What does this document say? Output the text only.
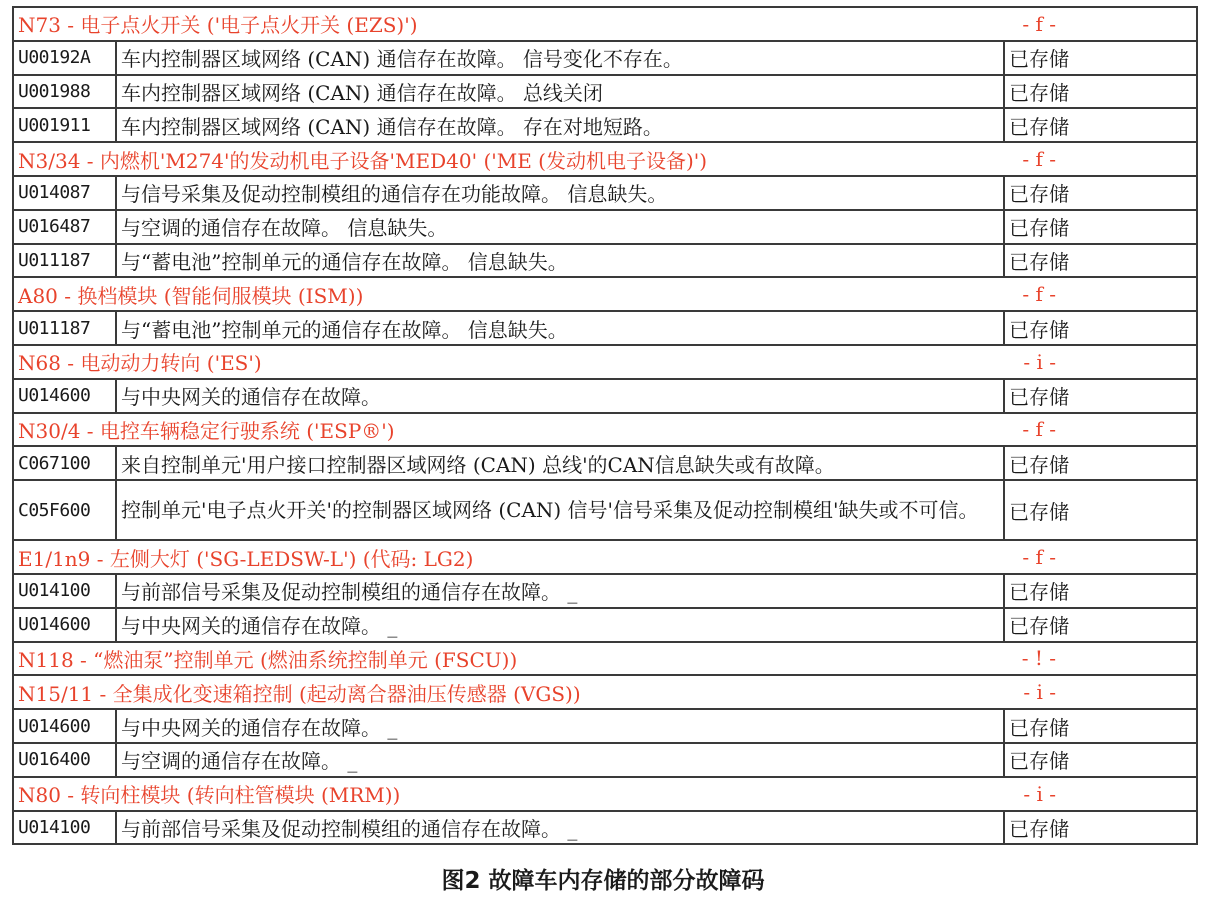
N73 - 电子点火开关 ('电子点火开关 (EZS)') - f -		

U00192A	车内控制器区域网络 (CAN) 通信存在故障。 信号变化不存在。	已存储
U001988	车内控制器区域网络 (CAN) 通信存在故障。 总线关闭	已存储
U001911	车内控制器区域网络 (CAN) 通信存在故障。 存在对地短路。	已存储

N3/34 - 内燃机'M274'的发动机电子设备'MED40' ('ME (发动机电子设备)') - f -		

U014087	与信号采集及促动控制模组的通信存在功能故障。 信息缺失。	已存储
U016487	与空调的通信存在故障。 信息缺失。	已存储
U011187	与“蓄电池”控制单元的通信存在故障。 信息缺失。	已存储

A80 - 换档模块 (智能伺服模块 (ISM)) - f -		

U011187	与“蓄电池”控制单元的通信存在故障。 信息缺失。	已存储

N68 - 电动动力转向 ('ES') - i -		

U014600	与中央网关的通信存在故障。	已存储

N30/4 - 电控车辆稳定行驶系统 ('ESP®') - f -		

C067100	来自控制单元'用户接口控制器区域网络 (CAN) 总线'的CAN信息缺失或有故障。	已存储
C05F600	控制单元'电子点火开关'的控制器区域网络 (CAN) 信号'信号采集及促动控制模组'缺失或不可信。	已存储

E1/1n9 - 左侧大灯 ('SG-LEDSW-L') (代码: LG2) - f -		

U014100	与前部信号采集及促动控制模组的通信存在故障。 _	已存储
U014600	与中央网关的通信存在故障。 _	已存储

N118 - “燃油泵”控制单元 (燃油系统控制单元 (FSCU)) - ! -		

N15/11 - 全集成化变速箱控制 (起动离合器油压传感器 (VGS)) - i -		

U014600	与中央网关的通信存在故障。 _	已存储
U016400	与空调的通信存在故障。 _	已存储

N80 - 转向柱模块 (转向柱管模块 (MRM)) - i -		

U014100	与前部信号采集及促动控制模组的通信存在故障。 _	已存储
图2 故障车内存储的部分故障码
